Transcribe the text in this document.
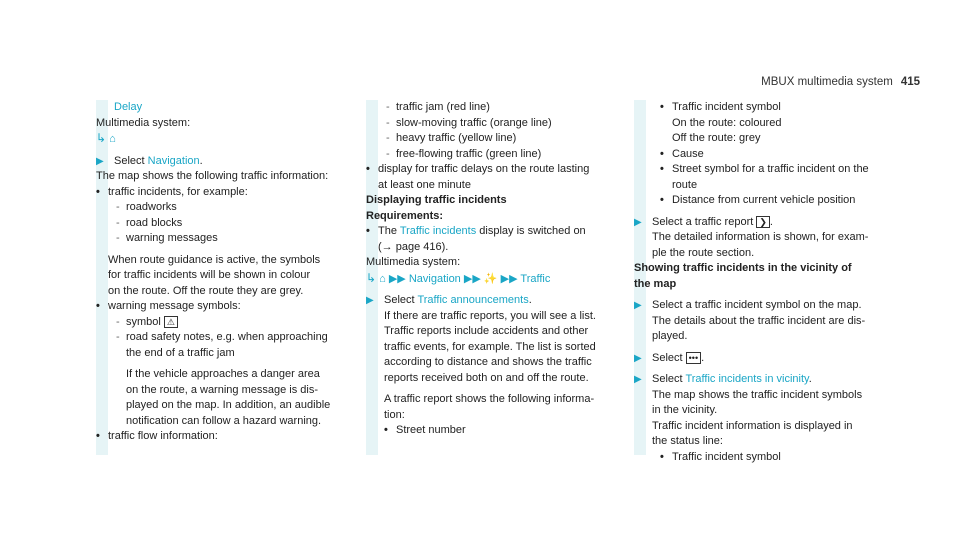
MBUX multimedia system 415

Delay

Multimedia system:

↳ ⌂

▶ Select Navigation.

The map shows the following traffic information:

• traffic incidents, for example:

- roadworks

- road blocks

- warning messages

When route guidance is active, the symbols

for traffic incidents will be shown in colour

on the route. Off the route they are grey.

• warning message symbols:

- symbol ⚠

- road safety notes, e.g. when approaching

the end of a traffic jam

If the vehicle approaches a danger area

on the route, a warning message is dis-

played on the map. In addition, an audible

notification can follow a hazard warning.

• traffic flow information:

- traffic jam (red line)

- slow-moving traffic (orange line)

- heavy traffic (yellow line)

- free-flowing traffic (green line)

• display for traffic delays on the route lasting

at least one minute

Displaying traffic incidents

Requirements:

• The Traffic incidents display is switched on

(→ page 416).

Multimedia system:

↳ ⌂ ▶▶ Navigation ▶▶ ✨ ▶▶ Traffic

▶ Select Traffic announcements.

If there are traffic reports, you will see a list.

Traffic reports include accidents and other

traffic events, for example. The list is sorted

according to distance and shows the traffic

reports received both on and off the route.

A traffic report shows the following informa-

tion:

• Street number

• Traffic incident symbol

On the route: coloured

Off the route: grey

• Cause

• Street symbol for a traffic incident on the

route

• Distance from current vehicle position

▶ Select a traffic report ❯ .

The detailed information is shown, for exam-

ple the route section.

Showing traffic incidents in the vicinity of

the map

▶ Select a traffic incident symbol on the map.

The details about the traffic incident are dis-

played.

▶ Select ••• .

▶ Select Traffic incidents in vicinity.

The map shows the traffic incident symbols

in the vicinity.

Traffic incident information is displayed in

the status line:

• Traffic incident symbol
